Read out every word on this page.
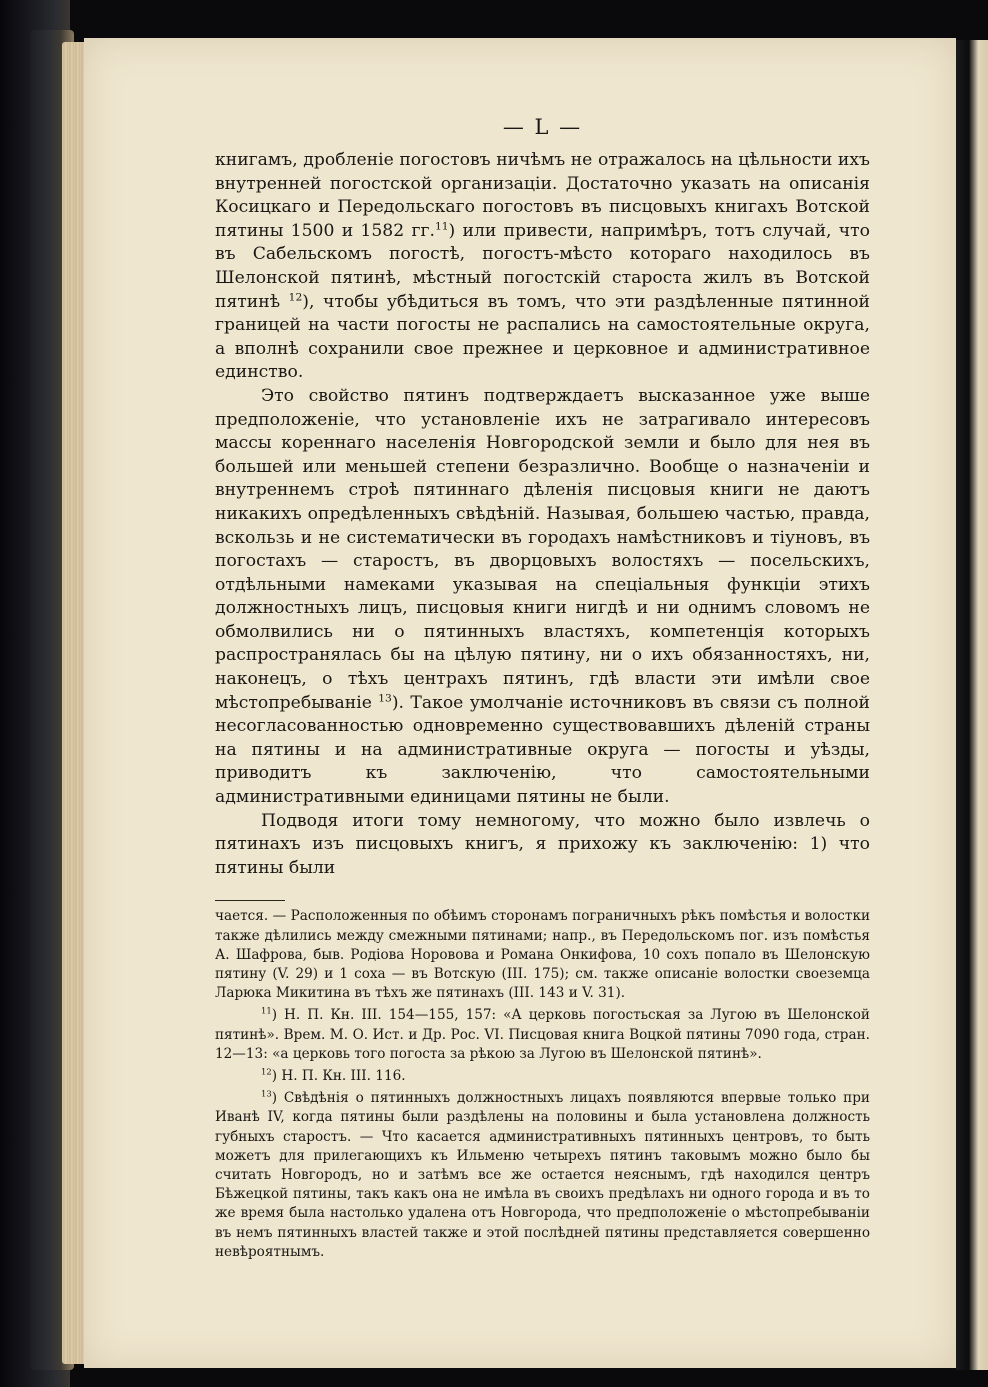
— L —

книгамъ, дробленіе погостовъ ничѣмъ не отражалось на цѣльности ихъ внутренней погостской организаціи. Достаточно указать на описанія Косицкаго и Передольскаго погостовъ въ писцовыхъ книгахъ Вотской пятины 1500 и 1582 гг.$^{11}$) или привести, напримѣръ, тотъ случай, что въ Сабельскомъ погостѣ, погостъ-мѣсто котораго находилось въ Шелонской пятинѣ, мѣстный погостскій староста жилъ въ Вотской пятинѣ $^{12}$), чтобы убѣдиться въ томъ, что эти раздѣленные пятинной границей на части погосты не распались на самостоятельные округа, а вполнѣ сохранили свое прежнее и церковное и административное единство.

Это свойство пятинъ подтверждаетъ высказанное уже выше предположеніе, что установленіе ихъ не затрагивало интересовъ массы кореннаго населенія Новгородской земли и было для нея въ большей или меньшей степени безразлично. Вообще о назначеніи и внутреннемъ строѣ пятиннаго дѣленія писцовыя книги не даютъ никакихъ опредѣленныхъ свѣдѣній. Называя, большею частью, правда, вскользь и не систематически въ городахъ намѣстниковъ и тіуновъ, въ погостахъ — старостъ, въ дворцовыхъ волостяхъ — посельскихъ, отдѣльными намеками указывая на спеціальныя функціи этихъ должностныхъ лицъ, писцовыя книги нигдѣ и ни однимъ словомъ не обмолвились ни о пятинныхъ властяхъ, компетенція которыхъ распространялась бы на цѣлую пятину, ни о ихъ обязанностяхъ, ни, наконецъ, о тѣхъ центрахъ пятинъ, гдѣ власти эти имѣли свое мѣстопребываніе $^{13}$). Такое умолчаніе источниковъ въ связи съ полной несогласованностью одновременно существовавшихъ дѣленій страны на пятины и на административные округа — погосты и уѣзды, приводитъ къ заключенію, что самостоятельными административными единицами пятины не были.

Подводя итоги тому немногому, что можно было извлечь о пятинахъ изъ писцовыхъ книгъ, я прихожу къ заключенію: 1) что пятины были

чается. — Расположенныя по обѣимъ сторонамъ пограничныхъ рѣкъ помѣстья и волостки также дѣлились между смежными пятинами; напр., въ Передольскомъ пог. изъ помѣстья А. Шафрова, быв. Родіова Норовова и Романа Онкифова, 10 сохъ попало въ Шелонскую пятину (V. 29) и 1 соха — въ Вотскую (III. 175); см. также описаніе волостки своеземца Ларюка Микитина въ тѣхъ же пятинахъ (III. 143 и V. 31).

$^{11}$) Н. П. Кн. III. 154—155, 157: «А церковь погостьская за Лугою въ Шелонской пятинѣ». Врем. М. О. Ист. и Др. Рос. VI. Писцовая книга Воцкой пятины 7090 года, стран. 12—13: «а церковь того погоста за рѣкою за Лугою въ Шелонской пятинѣ».

$^{12}$) Н. П. Кн. III. 116.

$^{13}$) Свѣдѣнія о пятинныхъ должностныхъ лицахъ появляются впервые только при Иванѣ IV, когда пятины были раздѣлены на половины и была установлена должность губныхъ старостъ. — Что касается административныхъ пятинныхъ центровъ, то быть можетъ для прилегающихъ къ Ильменю четырехъ пятинъ таковымъ можно было бы считать Новгородъ, но и затѣмъ все же остается неяснымъ, гдѣ находился центръ Бѣжецкой пятины, такъ какъ она не имѣла въ своихъ предѣлахъ ни одного города и въ то же время была настолько удалена отъ Новгорода, что предположеніе о мѣстопребываніи въ немъ пятинныхъ властей также и этой послѣдней пятины представляется совершенно невѣроятнымъ.
